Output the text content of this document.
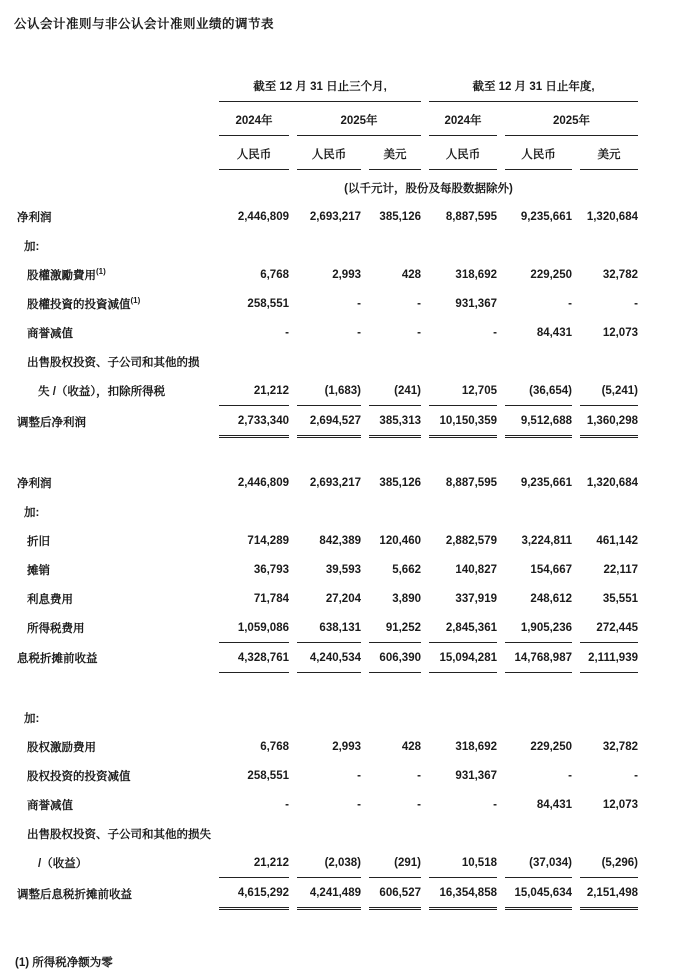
公认会计准则与非公认会计准则业绩的调节表
	截至 12 月 31 日止三个月,			截至 12 月 31 日止年度,		
	2024年	2025年		2024年	2025年	
	人民币	人民币	美元	人民币	人民币	美元
	(以千元计，股份及每股数据除外)					
净利润	2,446,809	2,693,217	385,126	8,887,595	9,235,661	1,320,684
加:						
股權激勵費用$^{(1)}$	6,768	2,993	428	318,692	229,250	32,782
股權投資的投資減值$^{(1)}$	258,551	-	-	931,367	-	-
商誉减值	-	-	-	-	84,431	12,073
出售股权投资、子公司和其他的损						
失 /（收益），扣除所得税	21,212	(1,683)	(241)	12,705	(36,654)	(5,241)
调整后净利润	2,733,340	2,694,527	385,313	10,150,359	9,512,688	1,360,298

净利润	2,446,809	2,693,217	385,126	8,887,595	9,235,661	1,320,684
加:						
折旧	714,289	842,389	120,460	2,882,579	3,224,811	461,142
摊销	36,793	39,593	5,662	140,827	154,667	22,117
利息费用	71,784	27,204	3,890	337,919	248,612	35,551
所得税费用	1,059,086	638,131	91,252	2,845,361	1,905,236	272,445
息税折摊前收益	4,328,761	4,240,534	606,390	15,094,281	14,768,987	2,111,939

加:						
股权激励费用	6,768	2,993	428	318,692	229,250	32,782
股权投资的投资减值	258,551	-	-	931,367	-	-
商誉减值	-	-	-	-	84,431	12,073
出售股权投资、子公司和其他的损失						
/（收益）	21,212	(2,038)	(291)	10,518	(37,034)	(5,296)
调整后息税折摊前收益	4,615,292	4,241,489	606,527	16,354,858	15,045,634	2,151,498

(1) 所得税净额为零
